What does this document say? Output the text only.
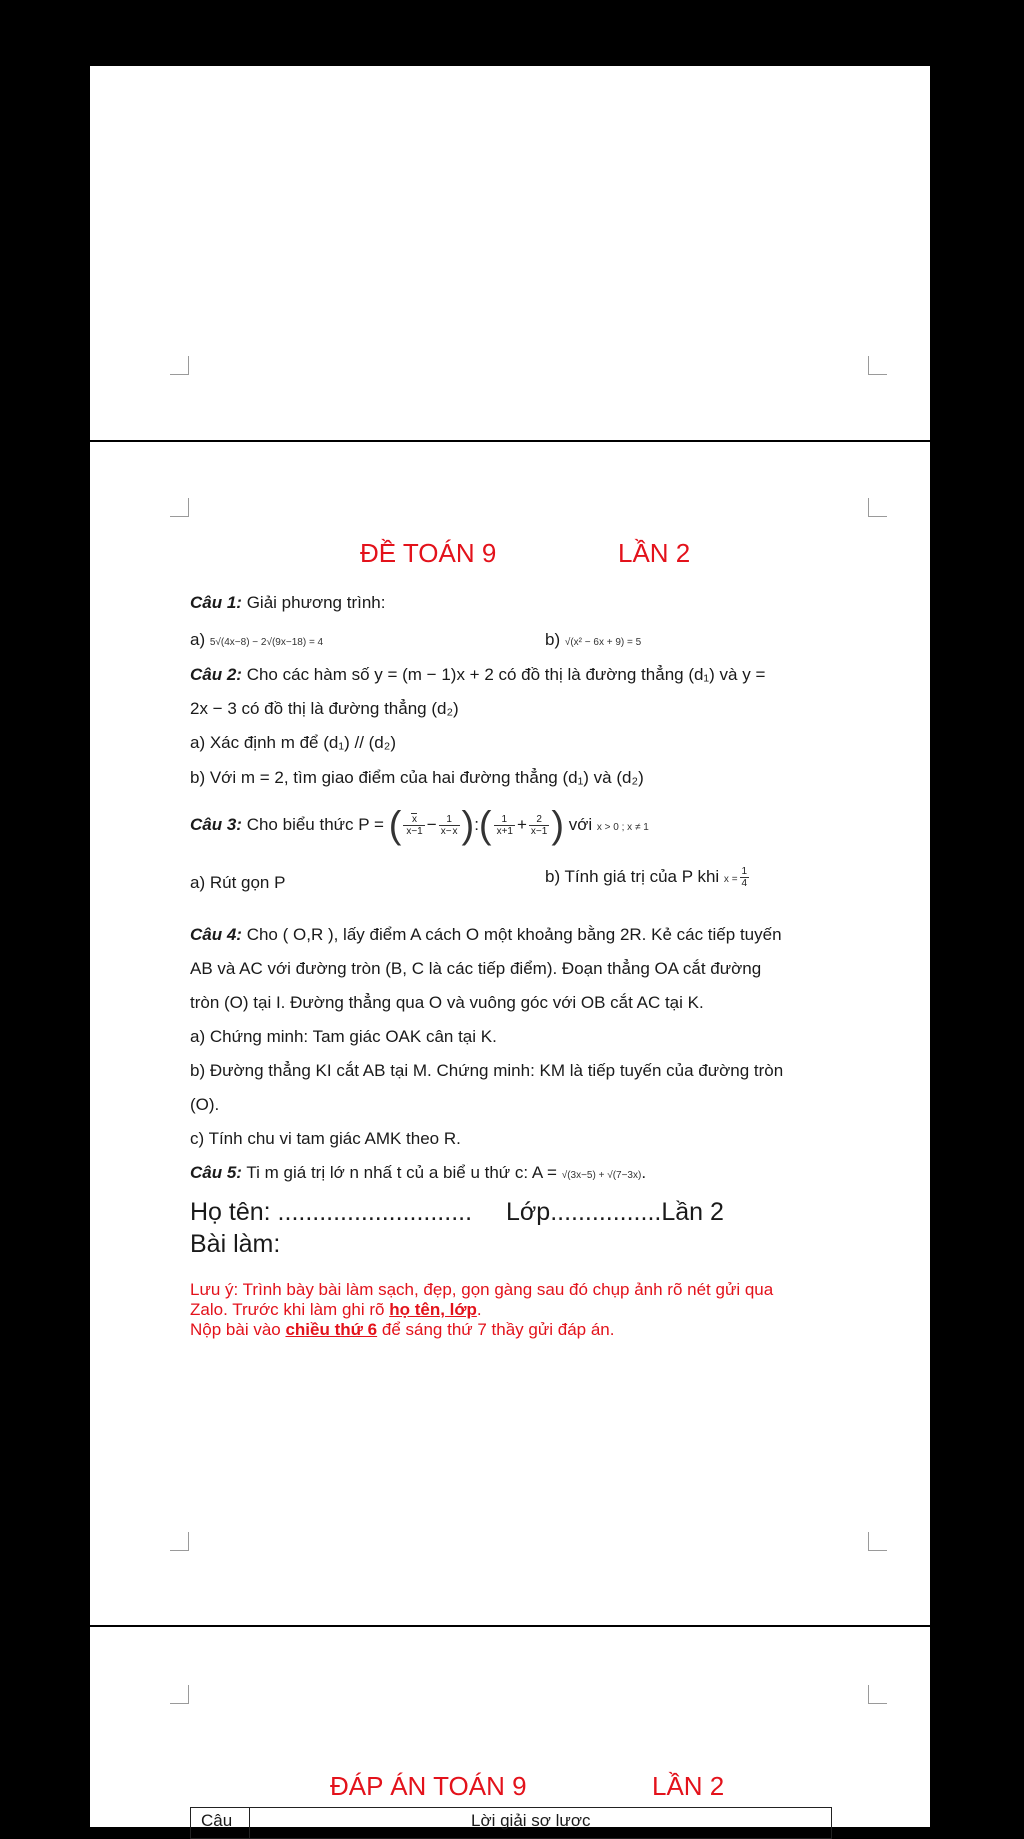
ĐỀ TOÁN 9	LẦN 2
Câu 1: Giải phương trình:
a) 5√(4x−8) − 2√(9x−18) = 4	b) √(x² − 6x + 9) = 5
Câu 2: Cho các hàm số y = (m − 1)x + 2 có đồ thị là đường thẳng (d₁) và y =
2x − 3 có đồ thị là đường thẳng (d₂)
a) Xác định m để (d₁) // (d₂)
b) Với m = 2, tìm giao điểm của hai đường thẳng (d₁) và (d₂)
Câu 3: Cho biểu thức P = ( $\frac{x}{x-1} - \frac{1}{x-x}$ ):( $\frac{1}{x+1} + \frac{2}{x-1}$ ) với x > 0 ; x ≠ 1
a) Rút gọn P	b) Tính giá trị của P khi $x = \frac{1}{4}$
Câu 4: Cho ( O,R ), lấy điểm A cách O một khoảng bằng 2R. Kẻ các tiếp tuyến
AB và AC với đường tròn (B, C là các tiếp điểm). Đoạn thẳng OA cắt đường
tròn (O) tại I. Đường thẳng qua O và vuông góc với OB cắt AC tại K.
a) Chứng minh: Tam giác OAK cân tại K.
b) Đường thẳng KI cắt AB tại M. Chứng minh: KM là tiếp tuyến của đường tròn
(O).
c) Tính chu vi tam giác AMK theo R.
Câu 5: Ti m giá trị lớ n nhấ t củ a biể u thứ c: A = √(3x−5) + √(7−3x).
Họ tên: ............................ Lớp................Lần 2
Bài làm:
Lưu ý: Trình bày bài làm sạch, đẹp, gọn gàng sau đó chụp ảnh rõ nét gửi qua
Zalo. Trước khi làm ghi rõ họ tên, lớp.
Nộp bài vào chiều thứ 6 để sáng thứ 7 thầy gửi đáp án.
ĐÁP ÁN TOÁN 9	LẦN 2
Câu	Lời giải sơ lược
